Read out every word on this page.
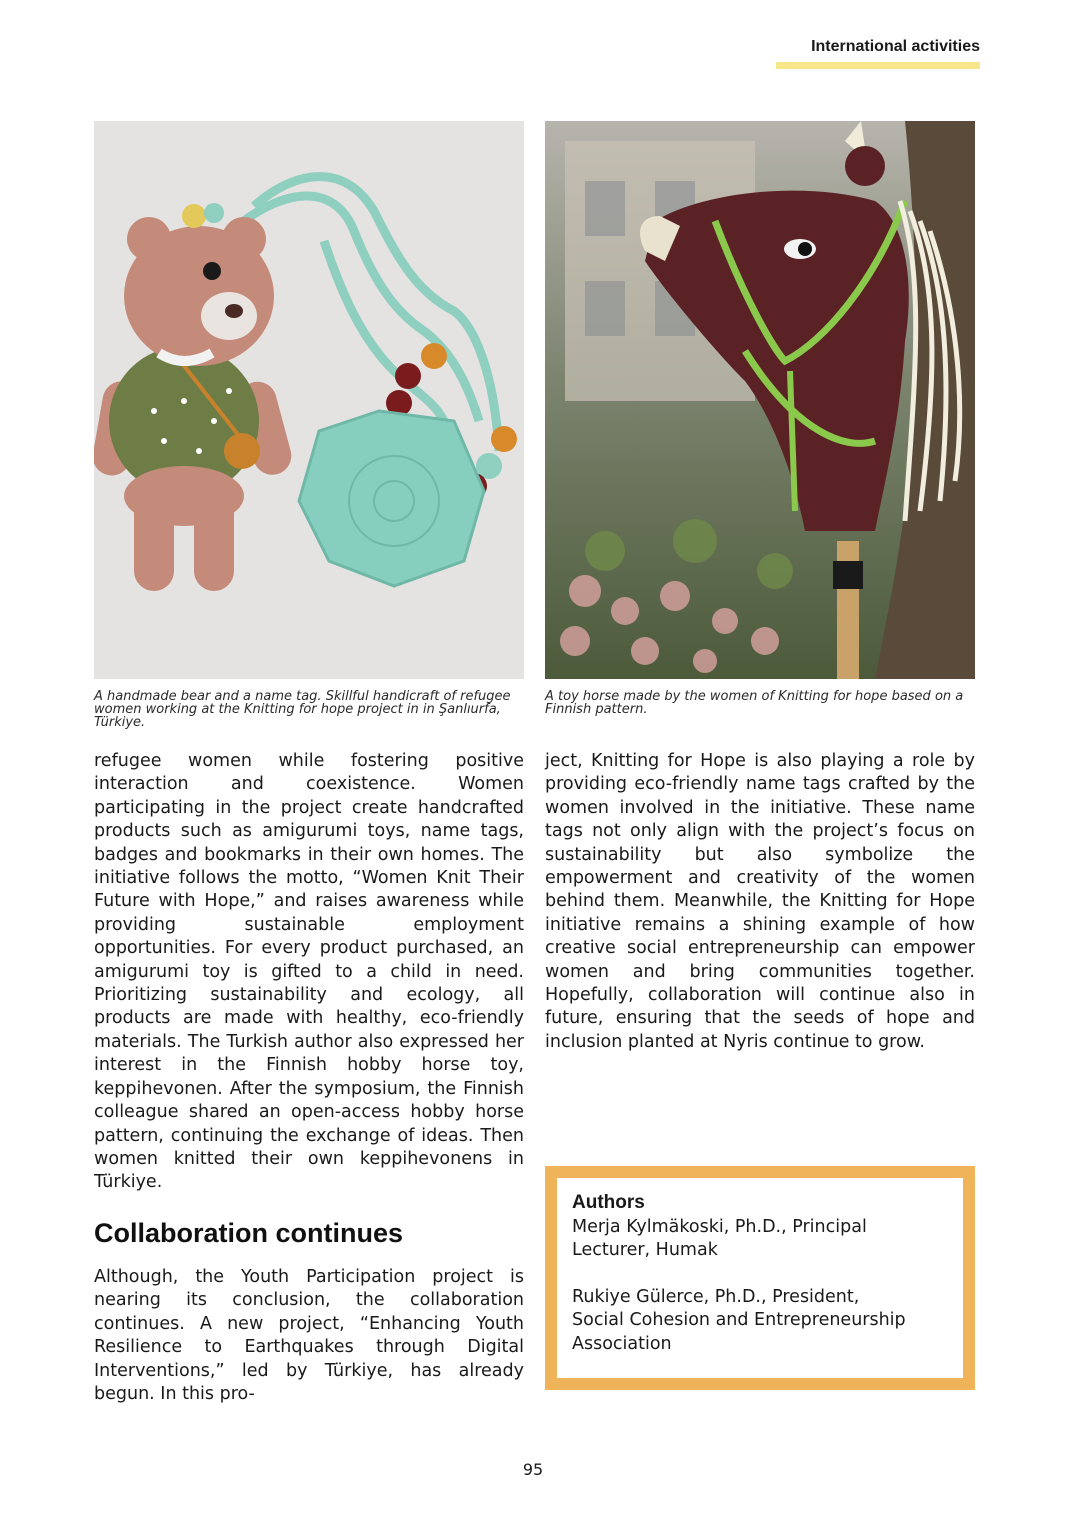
International activities
A handmade bear and a name tag. Skillful handicraft of refugee women working at the Knitting for hope project in in Şanlıurfa, Türkiye.
A toy horse made by the women of Knitting for hope based on a Finnish pattern.

refugee women while fostering positive interaction and coexistence. Women participating in the project create handcrafted products such as amigurumi toys, name tags, badges and bookmarks in their own homes. The initiative follows the motto, “Women Knit Their Future with Hope,” and raises awareness while providing sustainable employment opportunities. For every product purchased, an amigurumi toy is gifted to a child in need. Prioritizing sustainability and ecology, all products are made with healthy, eco-friendly materials. The Turkish author also expressed her interest in the Finnish hobby horse toy, keppihevonen. After the symposium, the Finnish colleague shared an open-access hobby horse pattern, continuing the exchange of ideas. Then women knitted their own keppihevonens in Türkiye.

Collaboration continues

Although, the Youth Participation project is nearing its conclusion, the collaboration continues. A new project, “Enhancing Youth Resilience to Earthquakes through Digital Interventions,” led by Türkiye, has already begun. In this pro-

ject, Knitting for Hope is also playing a role by providing eco-friendly name tags crafted by the women involved in the initiative. These name tags not only align with the project’s focus on sustainability but also symbolize the empowerment and creativity of the women behind them. Meanwhile, the Knitting for Hope initiative remains a shining example of how creative social entrepreneurship can empower women and bring communities together. Hopefully, collaboration will continue also in future, ensuring that the seeds of hope and inclusion planted at Nyris continue to grow.

Authors

Merja Kylmäkoski, Ph.D., Principal

Lecturer, Humak

Rukiye Gülerce, Ph.D., President,

Social Cohesion and Entrepreneurship

Association

95
